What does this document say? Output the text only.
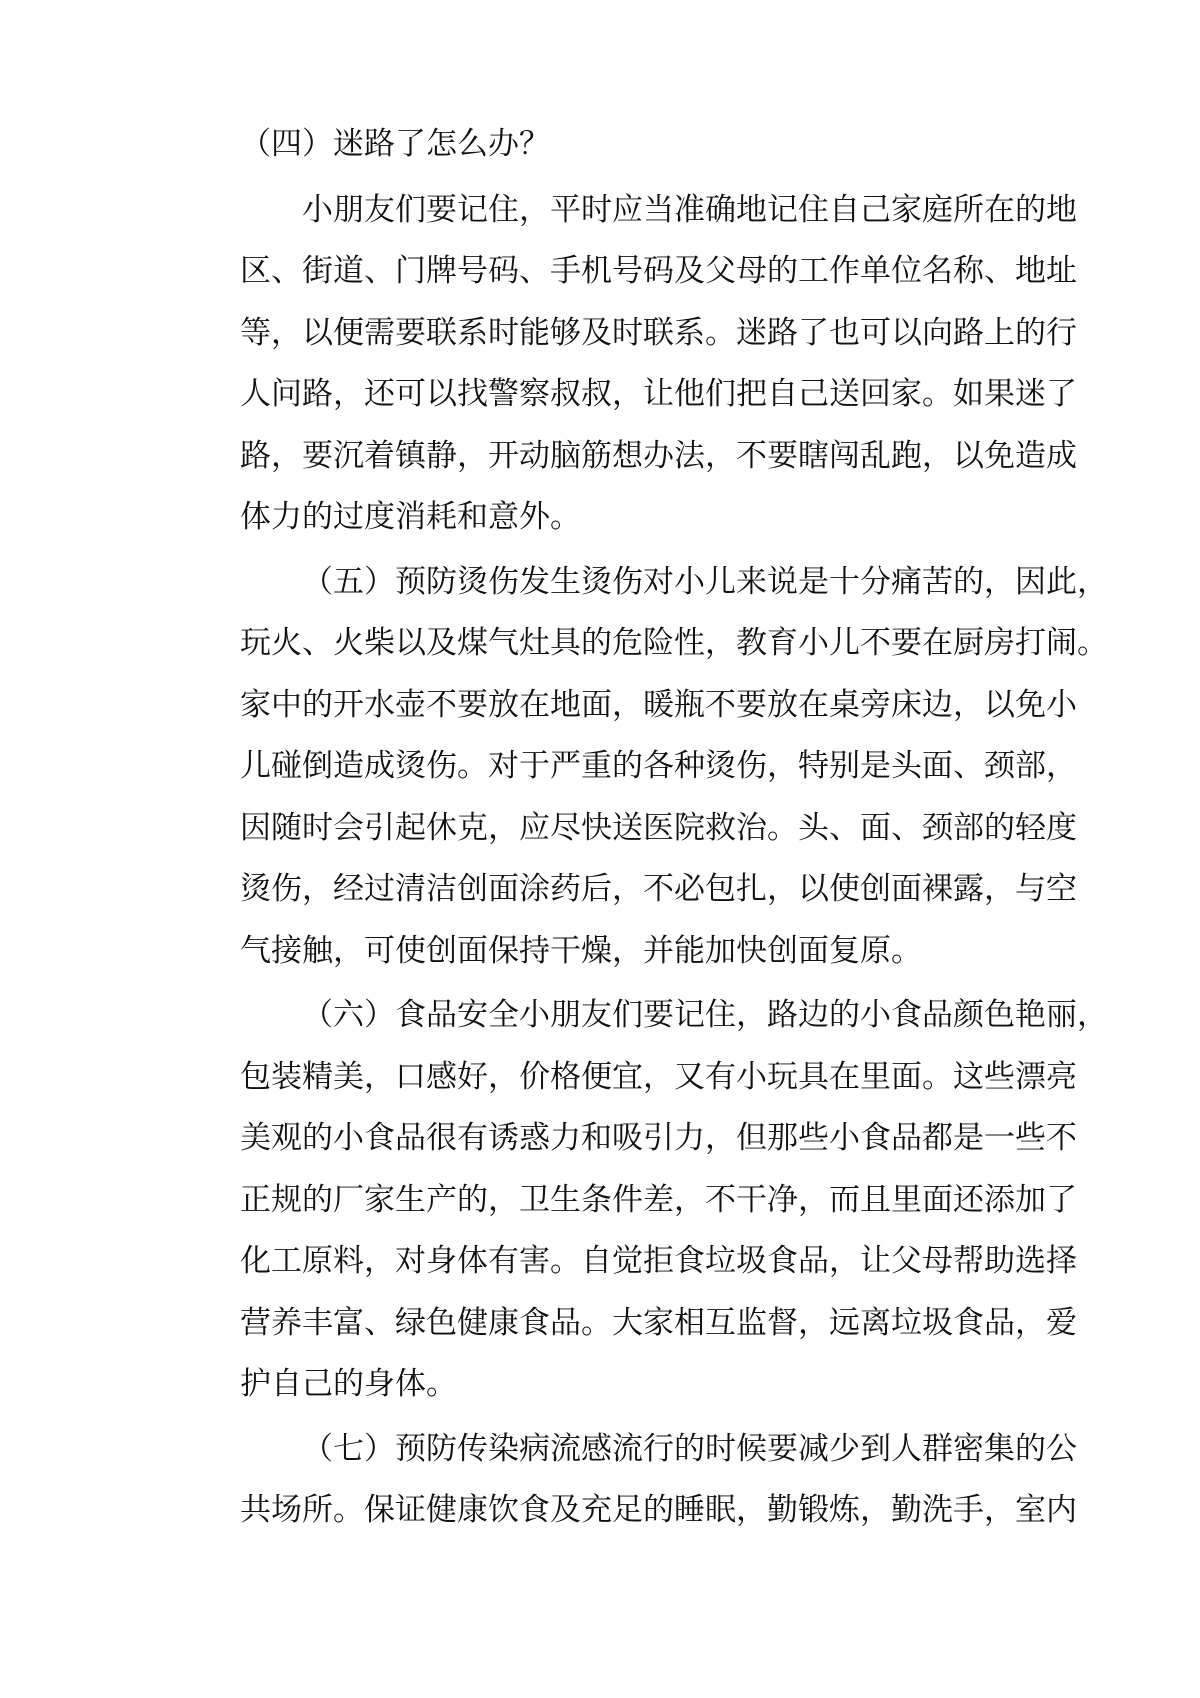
（四）迷路了怎么办？
小朋友们要记住，平时应当准确地记住自己家庭所在的地
区、街道、门牌号码、手机号码及父母的工作单位名称、地址
等，以便需要联系时能够及时联系。迷路了也可以向路上的行
人问路，还可以找警察叔叔，让他们把自己送回家。如果迷了
路，要沉着镇静，开动脑筋想办法，不要瞎闯乱跑，以免造成
体力的过度消耗和意外。
（五）预防烫伤发生烫伤对小儿来说是十分痛苦的，因此，
玩火、火柴以及煤气灶具的危险性，教育小儿不要在厨房打闹。
家中的开水壶不要放在地面，暖瓶不要放在桌旁床边，以免小
儿碰倒造成烫伤。对于严重的各种烫伤，特别是头面、颈部，
因随时会引起休克，应尽快送医院救治。头、面、颈部的轻度
烫伤，经过清洁创面涂药后，不必包扎，以使创面裸露，与空
气接触，可使创面保持干燥，并能加快创面复原。
（六）食品安全小朋友们要记住，路边的小食品颜色艳丽，
包装精美，口感好，价格便宜，又有小玩具在里面。这些漂亮
美观的小食品很有诱惑力和吸引力，但那些小食品都是一些不
正规的厂家生产的，卫生条件差，不干净，而且里面还添加了
化工原料，对身体有害。自觉拒食垃圾食品，让父母帮助选择
营养丰富、绿色健康食品。大家相互监督，远离垃圾食品，爱
护自己的身体。
（七）预防传染病流感流行的时候要减少到人群密集的公
共场所。保证健康饮食及充足的睡眠，勤锻炼，勤洗手，室内
